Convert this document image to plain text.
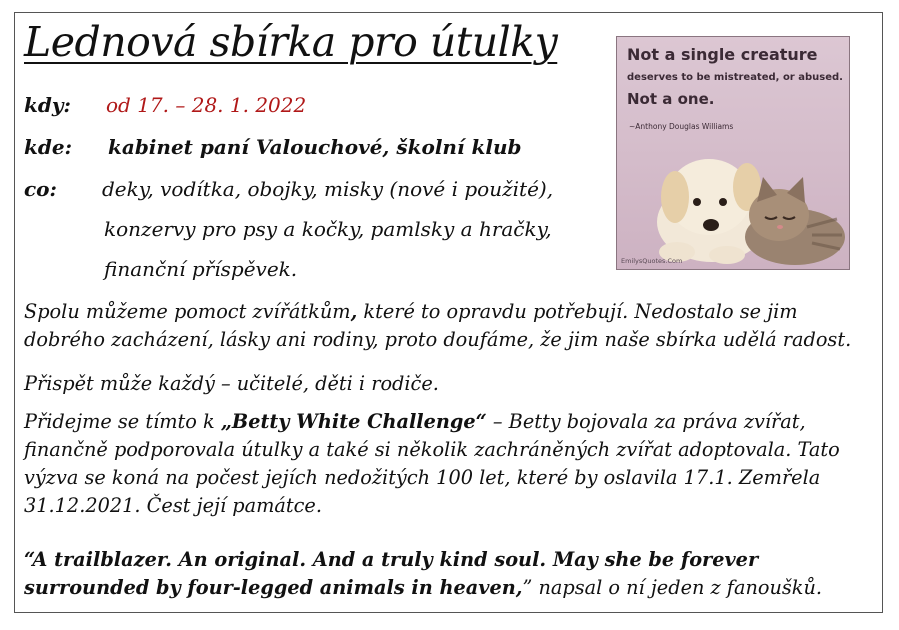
Lednová sbírka pro útulky
kdy: od 17. – 28. 1. 2022
kde: kabinet paní Valouchové, školní klub
co: deky, vodítka, obojky, misky (nové i použité),
konzervy pro psy a kočky, pamlsky a hračky,
finanční příspěvek.
Not a single creature
deserves to be mistreated, or abused.
Not a one.
~Anthony Douglas Williams
EmilysQuotes.Com
Spolu můžeme pomoct zvířátkům, které to opravdu potřebují. Nedostalo se jim dobrého zacházení, lásky ani rodiny, proto doufáme, že jim naše sbírka udělá radost.
Přispět může každý – učitelé, děti i rodiče.
Přidejme se tímto k „Betty White Challenge“ – Betty bojovala za práva zvířat, finančně podporovala útulky a také si několik zachráněných zvířat adoptovala. Tato výzva se koná na počest jejích nedožitých 100 let, které by oslavila 17.1. Zemřela 31.12.2021. Čest její památce.
“A trailblazer. An original. And a truly kind soul. May she be forever surrounded by four-legged animals in heaven,” napsal o ní jeden z fanoušků.
